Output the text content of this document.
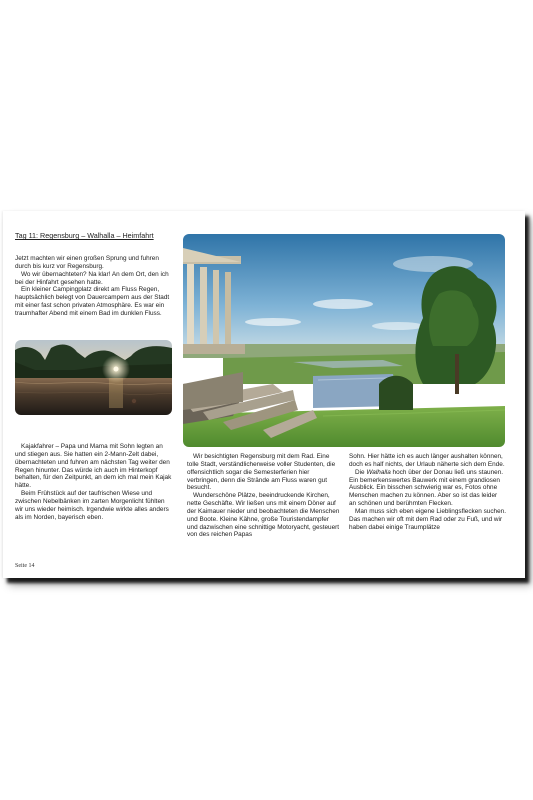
Tag 11: Regensburg – Walhalla – Heimfahrt
Jetzt machten wir einen großen Sprung und fuhren durch bis kurz vor Regensburg.
Wo wir übernachteten? Na klar! An dem Ort, den ich bei der Hinfahrt gesehen hatte.
Ein kleiner Campingplatz direkt am Fluss Regen, hauptsächlich belegt von Dauercampern aus der Stadt mit einer fast schon privaten Atmosphäre. Es war ein traumhafter Abend mit einem Bad im dunklen Fluss.
Kajakfahrer – Papa und Mama mit Sohn legten an und stiegen aus. Sie hatten ein 2-Mann-Zelt dabei, übernachteten und fuhren am nächsten Tag weiter den Regen hinunter. Das würde ich auch im Hinterkopf behalten, für den Zeitpunkt, an dem ich mal mein Kajak hätte.
Beim Frühstück auf der taufrischen Wiese und zwischen Nebelbänken im zarten Morgenlicht fühlten wir uns wieder heimisch. Irgendwie wirkte alles anders als im Norden, bayerisch eben.
Wir besichtigten Regensburg mit dem Rad. Eine tolle Stadt, verständlicherweise voller Studenten, die offensichtlich sogar die Semesterferien hier verbringen, denn die Strände am Fluss waren gut besucht.
Wunderschöne Plätze, beeindruckende Kirchen, nette Geschäfte. Wir ließen uns mit einem Döner auf der Kaimauer nieder und beobachteten die Menschen und Boote. Kleine Kähne, große Touristendampfer und dazwischen eine schnittige Motoryacht, gesteuert von des reichen Papas
Sohn. Hier hätte ich es auch länger aushalten können, doch es half nichts, der Urlaub näherte sich dem Ende.
Die Walhalla hoch über der Donau ließ uns staunen. Ein bemerkenswertes Bauwerk mit einem grandiosen Ausblick. Ein bisschen schwierig war es, Fotos ohne Menschen machen zu können. Aber so ist das leider an schönen und berühmten Flecken.
Man muss sich eben eigene Lieblingsflecken suchen. Das machen wir oft mit dem Rad oder zu Fuß, und wir haben dabei einige Traumplätze
Seite 14
